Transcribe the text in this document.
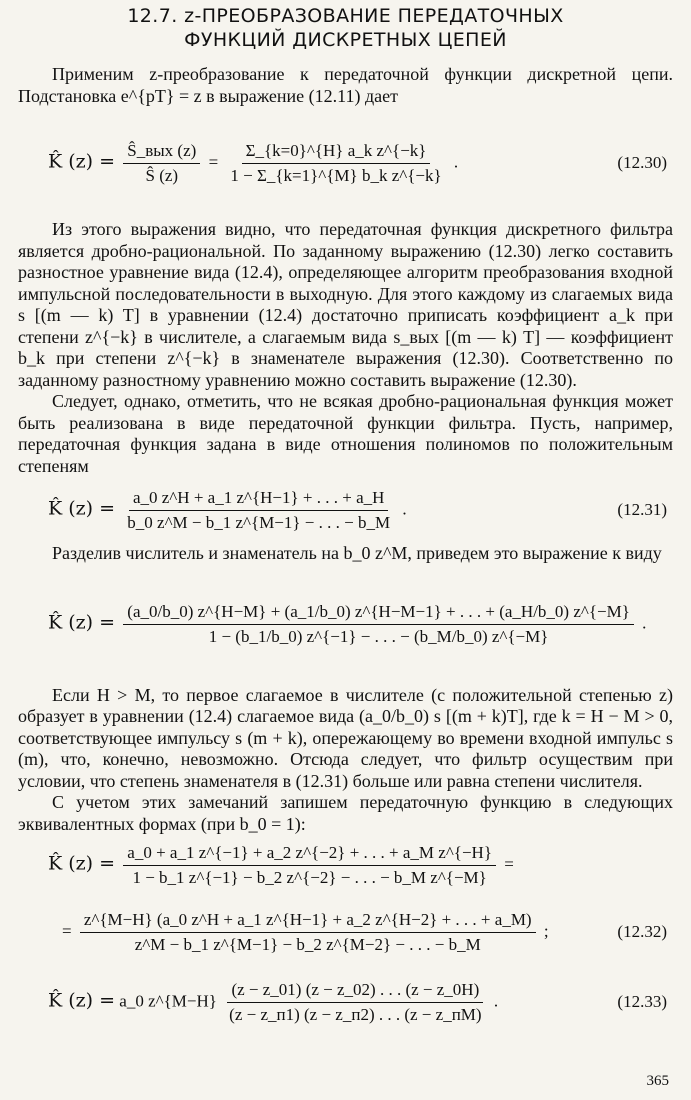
12.7. z-ПРЕОБРАЗОВАНИЕ ПЕРЕДАТОЧНЫХ
ФУНКЦИЙ ДИСКРЕТНЫХ ЦЕПЕЙ

Применим z-преобразование к передаточной функции дискретной цепи. Подстановка e^{pT} = z в выражение (12.11) дает

K̂ $(z) = \frac{\text{Ŝ\_вых (z)}}{Ŝ (z)} = \frac{\text{Σ\_\{k=0\}\textasciicircum{}\{H\} a\_k z\textasciicircum{}\{−k\}}}{\text{1 − Σ\_\{k=1\}\textasciicircum{}\{M\} b\_k z\textasciicircum{}\{−k\}}}$ .	(12.30)

Из этого выражения видно, что передаточная функция дискретного фильтра является дробно-рациональной. По заданному выражению (12.30) легко составить разностное уравнение вида (12.4), определяющее алгоритм преобразования входной импульсной последовательности в выходную. Для этого каждому из слагаемых вида s [(m — k) T] в уравнении (12.4) достаточно приписать коэффициент a_k при степени z^{−k} в числителе, а слагаемым вида s_вых [(m — k) T] — коэффициент b_k при степени z^{−k} в знаменателе выражения (12.30). Соответственно по заданному разностному уравнению можно составить выражение (12.30).

Следует, однако, отметить, что не всякая дробно-рациональная функция может быть реализована в виде передаточной функции фильтра. Пусть, например, передаточная функция задана в виде отношения полиномов по положительным степеням

K̂ $(z) = \frac{a\_0 z\^{}H + a\_1 z\^{}\{H-1\} + . . . + a\_H}{b\_0 z\^{}M - b\_1 z\^{}\{M-1\} - . . . - b\_M}$ .	(12.31)

Разделив числитель и знаменатель на b_0 z^M, приведем это выражение к виду

K̂ (z) = (a_0/b_0) z^{H−M} + (a_1/b_0) z^{H−M−1} + . . . + (a_H/b_0) z^{−M}
1 − (b_1/b_0) z^{−1} − . . . − (b_M/b_0) z^{−M}
.

Если H > M, то первое слагаемое в числителе (с положительной степенью z) образует в уравнении (12.4) слагаемое вида (a_0/b_0) s [(m + k)T], где k = H − M > 0, соответствующее импульсу s (m + k), опережающему во времени входной импульс s (m), что, конечно, невозможно. Отсюда следует, что фильтр осуществим при условии, что степень знаменателя в (12.31) больше или равна степени числителя.

С учетом этих замечаний запишем передаточную функцию в следующих эквивалентных формах (при b_0 = 1):

K̂ $(z) = \frac{\text{a\_0 + a\_1 z\textasciicircum{}\{−1\} + a\_2 z\textasciicircum{}\{−2\} + . . . + a\_M z\textasciicircum{}\{−H\}}}{\text{1 − b\_1 z\textasciicircum{}\{−1\} − b\_2 z\textasciicircum{}\{−2\} − . . . − b\_M z\textasciicircum{}\{−M\}}}$ =
= $\frac{z\^{}\{M-H\} (a\_0 z\^{}H + a\_1 z\^{}\{H-1\} + a\_2 z\^{}\{H-2\} + . . . + a\_M)}{z\^{}M - b\_1 z\^{}\{M-1\} - b\_2 z\^{}\{M-2\} - . . . - b\_M}$ ;	(12.32)
K̂ (z) = a_0 z^{M−H} $\frac{(z - z\_01) (z - z\_02) . . . (z - z\_0H)}{(z - z\_п1) (z - z\_п2) . . . (z - z\_пM)}$ .	(12.33)
365
